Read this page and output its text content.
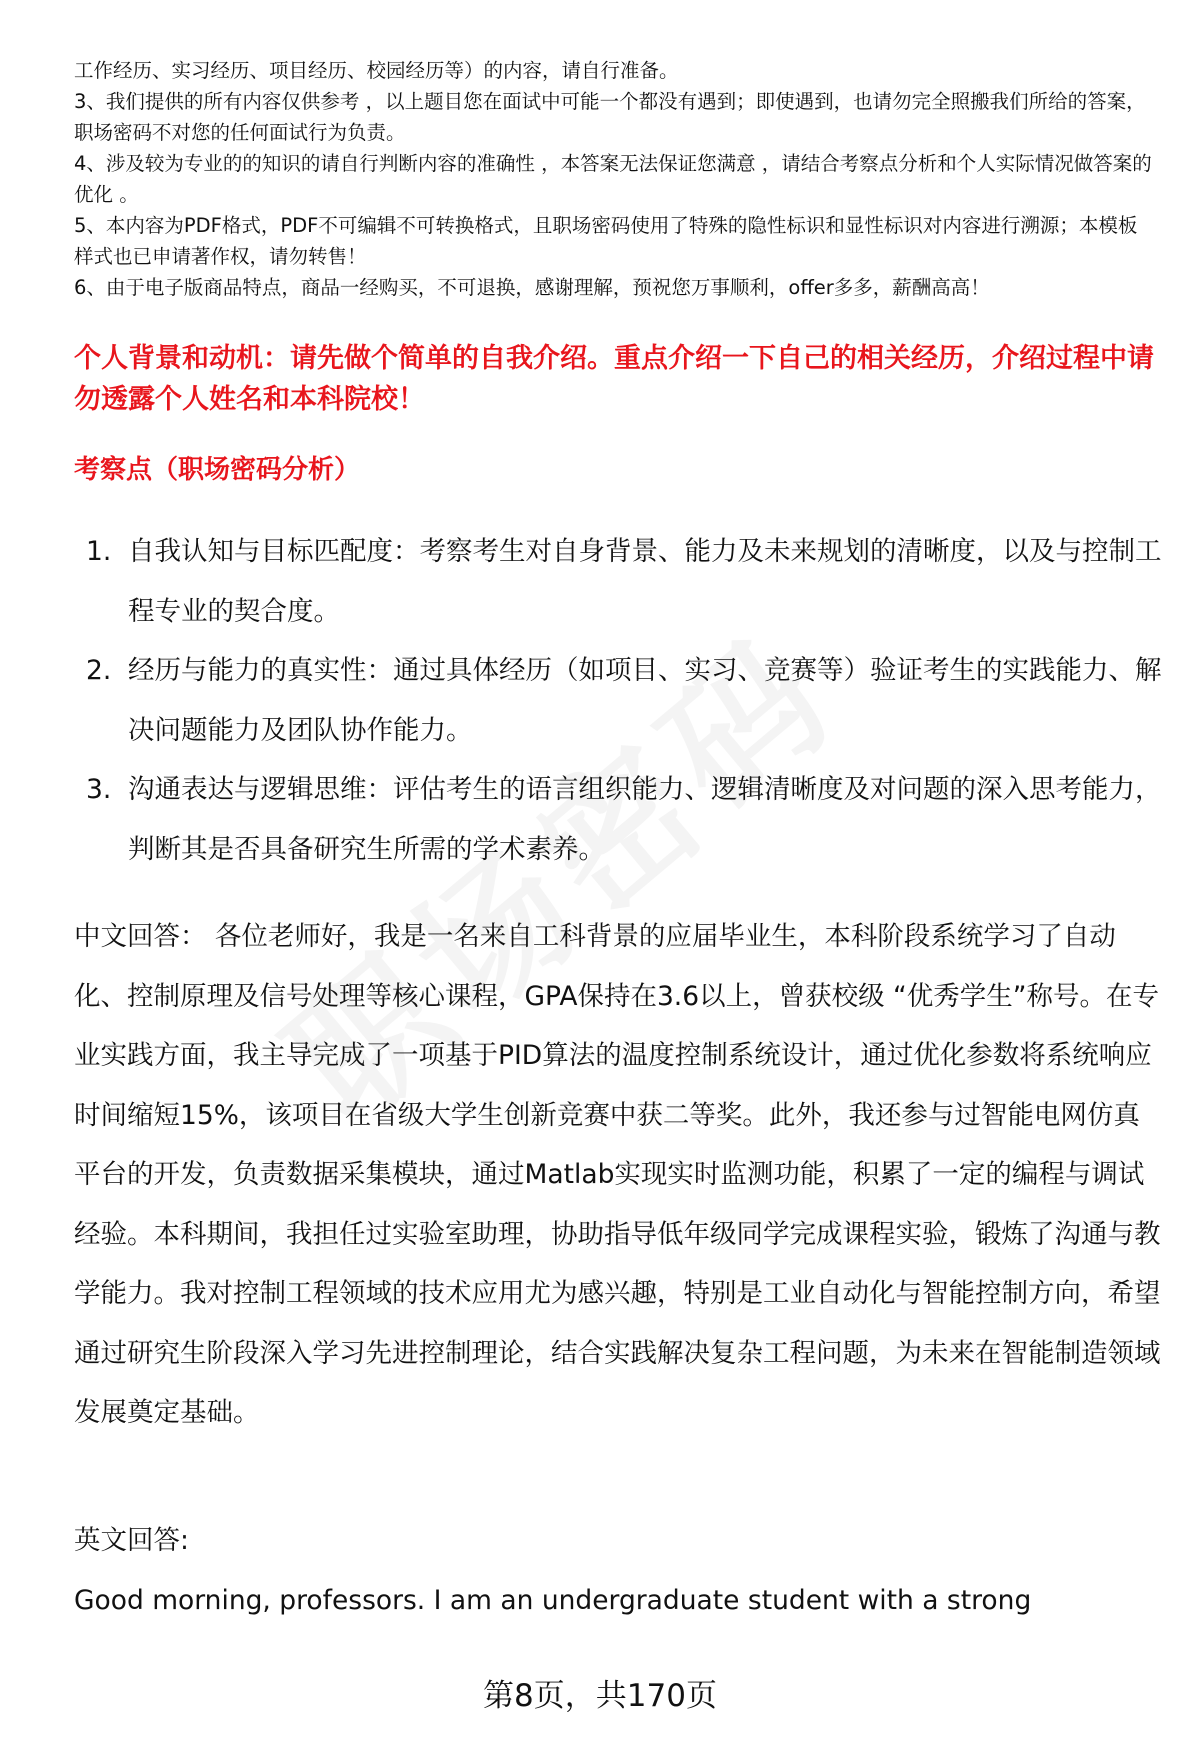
工作经历、实习经历、项目经历、校园经历等）的内容，请自行准备。

3、我们提供的所有内容仅供参考 ，以上题目您在面试中可能一个都没有遇到；即使遇到，也请勿完全照搬我们所给的答案，职场密码不对您的任何面试行为负责。

4、涉及较为专业的的知识的请自行判断内容的准确性 ，本答案无法保证您满意 ，请结合考察点分析和个人实际情况做答案的优化 。

5、本内容为PDF格式，PDF不可编辑不可转换格式，且职场密码使用了特殊的隐性标识和显性标识对内容进行溯源；本模板样式也已申请著作权，请勿转售！

6、由于电子版商品特点，商品一经购买，不可退换，感谢理解，预祝您万事顺利，offer多多，薪酬高高！

个人背景和动机：请先做个简单的自我介绍。重点介绍一下自己的相关经历，介绍过程中请勿透露个人姓名和本科院校！

考察点（职场密码分析）

1. 自我认知与目标匹配度：考察考生对自身背景、能力及未来规划的清晰度，以及与控制工程专业的契合度。
2. 经历与能力的真实性：通过具体经历（如项目、实习、竞赛等）验证考生的实践能力、解决问题能力及团队协作能力。
3. 沟通表达与逻辑思维：评估考生的语言组织能力、逻辑清晰度及对问题的深入思考能力，判断其是否具备研究生所需的学术素养。

中文回答： 各位老师好，我是一名来自工科背景的应届毕业生，本科阶段系统学习了自动化、控制原理及信号处理等核心课程，GPA保持在3.6以上，曾获校级 “优秀学生”称号。在专业实践方面，我主导完成了一项基于PID算法的温度控制系统设计，通过优化参数将系统响应时间缩短15%，该项目在省级大学生创新竞赛中获二等奖。此外，我还参与过智能电网仿真平台的开发，负责数据采集模块，通过Matlab实现实时监测功能，积累了一定的编程与调试经验。本科期间，我担任过实验室助理，协助指导低年级同学完成课程实验，锻炼了沟通与教学能力。我对控制工程领域的技术应用尤为感兴趣，特别是工业自动化与智能控制方向，希望通过研究生阶段深入学习先进控制理论，结合实践解决复杂工程问题，为未来在智能制造领域发展奠定基础。

英文回答:

Good morning, professors. I am an undergraduate student with a strong

第8页，共170页
